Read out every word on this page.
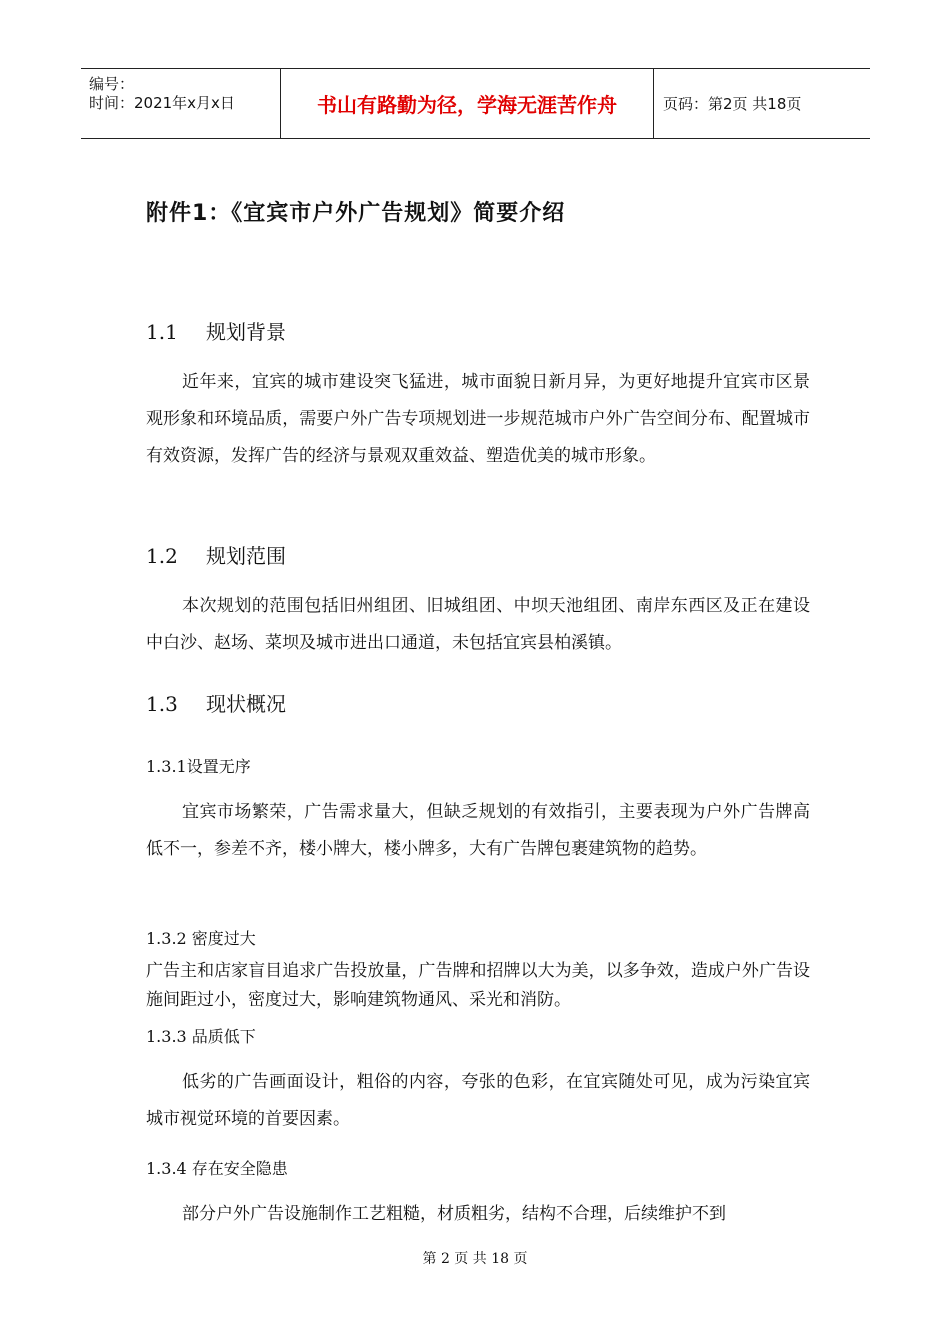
编号：
时间：2021年x月x日	书山有路勤为径，学海无涯苦作舟	页码：第2页 共18页
附件1：《宜宾市户外广告规划》简要介绍
1.1 规划背景
近年来，宜宾的城市建设突飞猛进，城市面貌日新月异，为更好地提升宜宾市区景观形象和环境品质，需要户外广告专项规划进一步规范城市户外广告空间分布、配置城市有效资源，发挥广告的经济与景观双重效益、塑造优美的城市形象。
1.2 规划范围
本次规划的范围包括旧州组团、旧城组团、中坝天池组团、南岸东西区及正在建设中白沙、赵场、菜坝及城市进出口通道，未包括宜宾县柏溪镇。
1.3 现状概况
1.3.1设置无序
宜宾市场繁荣，广告需求量大，但缺乏规划的有效指引，主要表现为户外广告牌高低不一，参差不齐，楼小牌大，楼小牌多，大有广告牌包裹建筑物的趋势。
1.3.2 密度过大
广告主和店家盲目追求广告投放量，广告牌和招牌以大为美，以多争效，造成户外广告设施间距过小，密度过大，影响建筑物通风、采光和消防。
1.3.3 品质低下
低劣的广告画面设计，粗俗的内容，夸张的色彩，在宜宾随处可见，成为污染宜宾城市视觉环境的首要因素。
1.3.4 存在安全隐患
部分户外广告设施制作工艺粗糙，材质粗劣，结构不合理，后续维护不到
第 2 页 共 18 页
